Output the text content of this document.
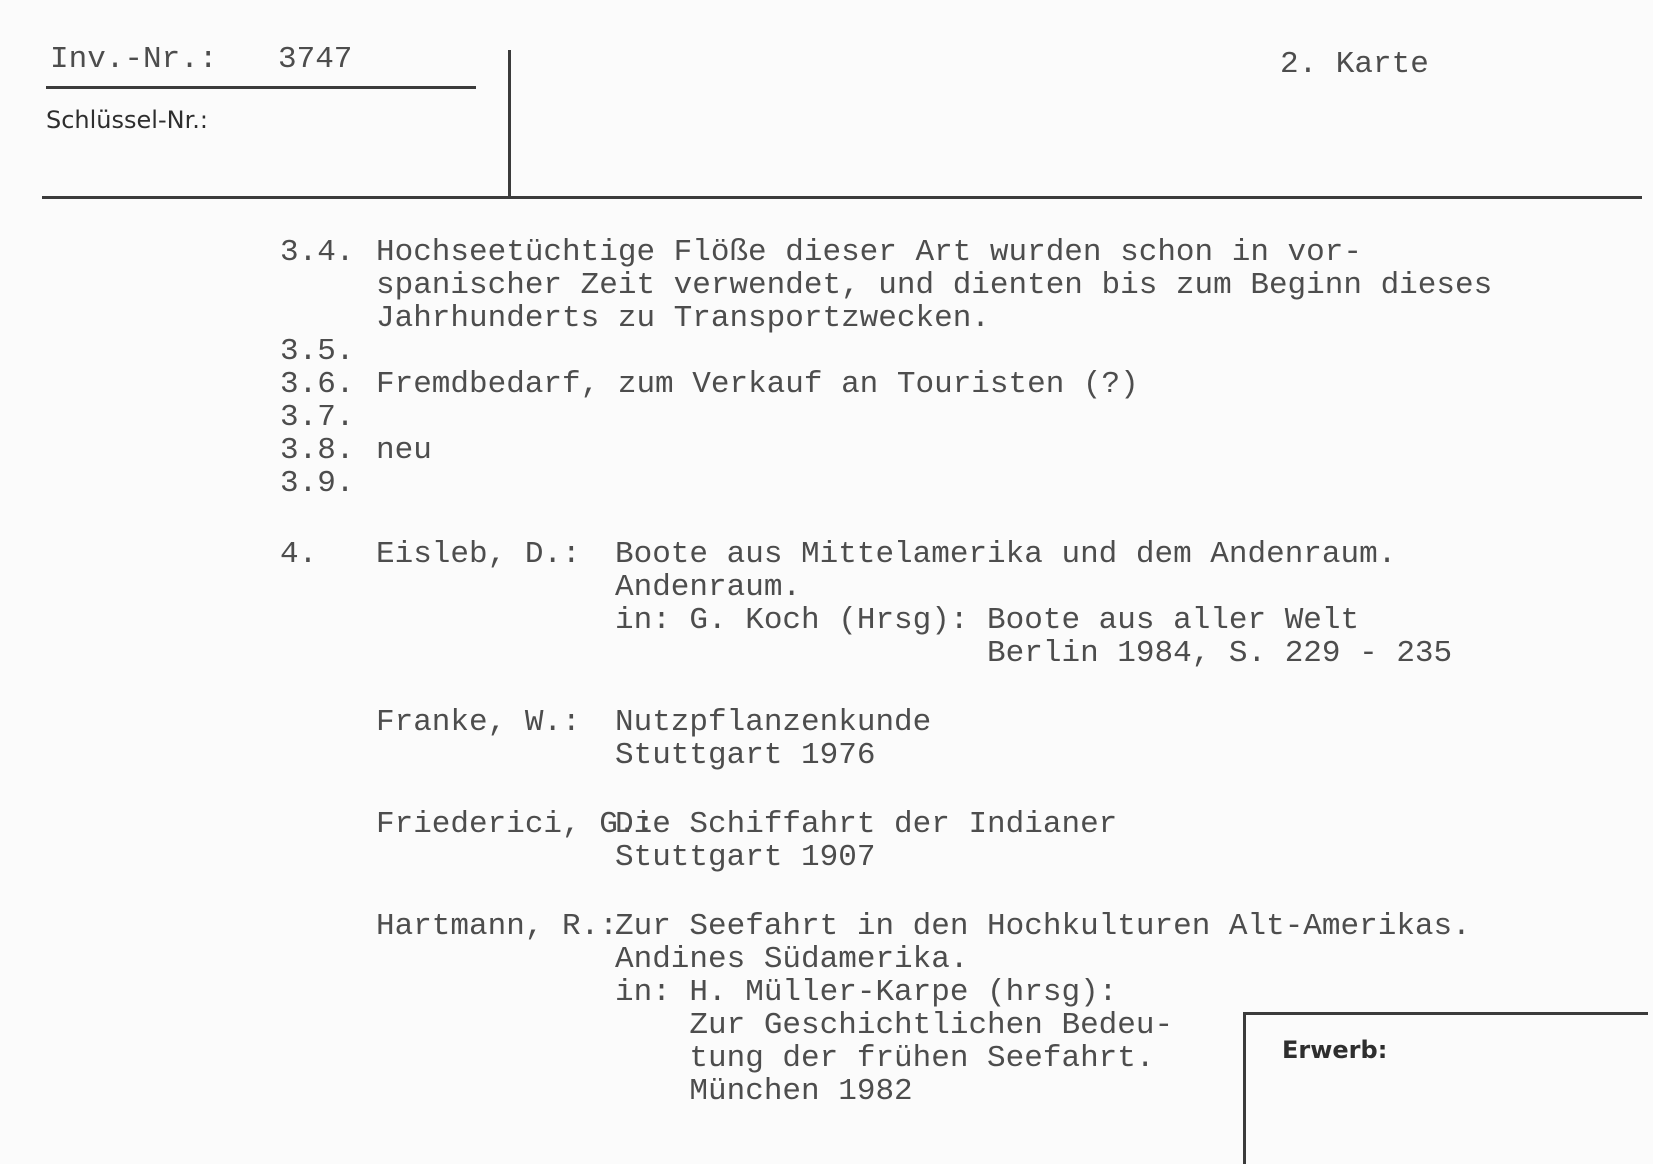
Inv.-Nr.: 3747
Schlüssel-Nr.:
2. Karte
3.4. Hochseetüchtige Flöße dieser Art wurden schon in vor-
spanischer Zeit verwendet, und dienten bis zum Beginn dieses
Jahrhunderts zu Transportzwecken.
3.5.
3.6. Fremdbedarf, zum Verkauf an Touristen (?)
3.7.
3.8. neu
3.9.
4. Eisleb, D.: Boote aus Mittelamerika und dem Andenraum.
Andenraum.
in: G. Koch (Hrsg): Boote aus aller Welt
Berlin 1984, S. 229 - 235
Franke, W.: Nutzpflanzenkunde
Stuttgart 1976
Friederici, G.:
Die Schiffahrt der Indianer
Stuttgart 1907
Hartmann, R.:
Zur Seefahrt in den Hochkulturen Alt-Amerikas.
Andines Südamerika.
in: H. Müller-Karpe (hrsg):
Zur Geschichtlichen Bedeu-
tung der frühen Seefahrt.
München 1982
Erwerb:
